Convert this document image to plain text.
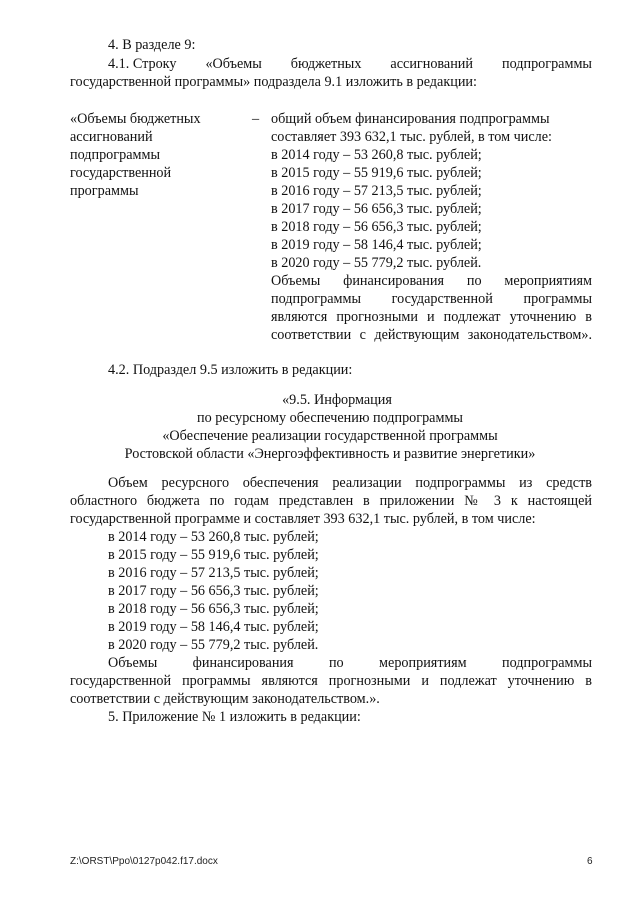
4. В разделе 9:
4.1. Строку «Объемы бюджетных ассигнований подпрограммы
государственной программы» подраздела 9.1 изложить в редакции:
«Объемы бюджетных
ассигнований
подпрограммы
государственной
программы
– общий объем финансирования подпрограммы
составляет 393 632,1 тыс. рублей, в том числе:
в 2014 году – 53 260,8 тыс. рублей;
в 2015 году – 55 919,6 тыс. рублей;
в 2016 году – 57 213,5 тыс. рублей;
в 2017 году – 56 656,3 тыс. рублей;
в 2018 году – 56 656,3 тыс. рублей;
в 2019 году – 58 146,4 тыс. рублей;
в 2020 году – 55 779,2 тыс. рублей.
Объемы финансирования по мероприятиям
подпрограммы государственной программы
являются прогнозными и подлежат уточнению в
соответствии с действующим законодательством».
4.2. Подраздел 9.5 изложить в редакции:
«9.5. Информация
по ресурсному обеспечению подпрограммы
«Обеспечение реализации государственной программы
Ростовской области «Энергоэффективность и развитие энергетики»
Объем ресурсного обеспечения реализации подпрограммы из средств
областного бюджета по годам представлен в приложении № 3 к настоящей
государственной программе и составляет 393 632,1 тыс. рублей, в том числе:
в 2014 году – 53 260,8 тыс. рублей;
в 2015 году – 55 919,6 тыс. рублей;
в 2016 году – 57 213,5 тыс. рублей;
в 2017 году – 56 656,3 тыс. рублей;
в 2018 году – 56 656,3 тыс. рублей;
в 2019 году – 58 146,4 тыс. рублей;
в 2020 году – 55 779,2 тыс. рублей.
Объемы финансирования по мероприятиям подпрограммы
государственной программы являются прогнозными и подлежат уточнению в
соответствии с действующим законодательством.».
5. Приложение № 1 изложить в редакции:
Z:\ORST\Ppo\0127p042.f17.docx	6
